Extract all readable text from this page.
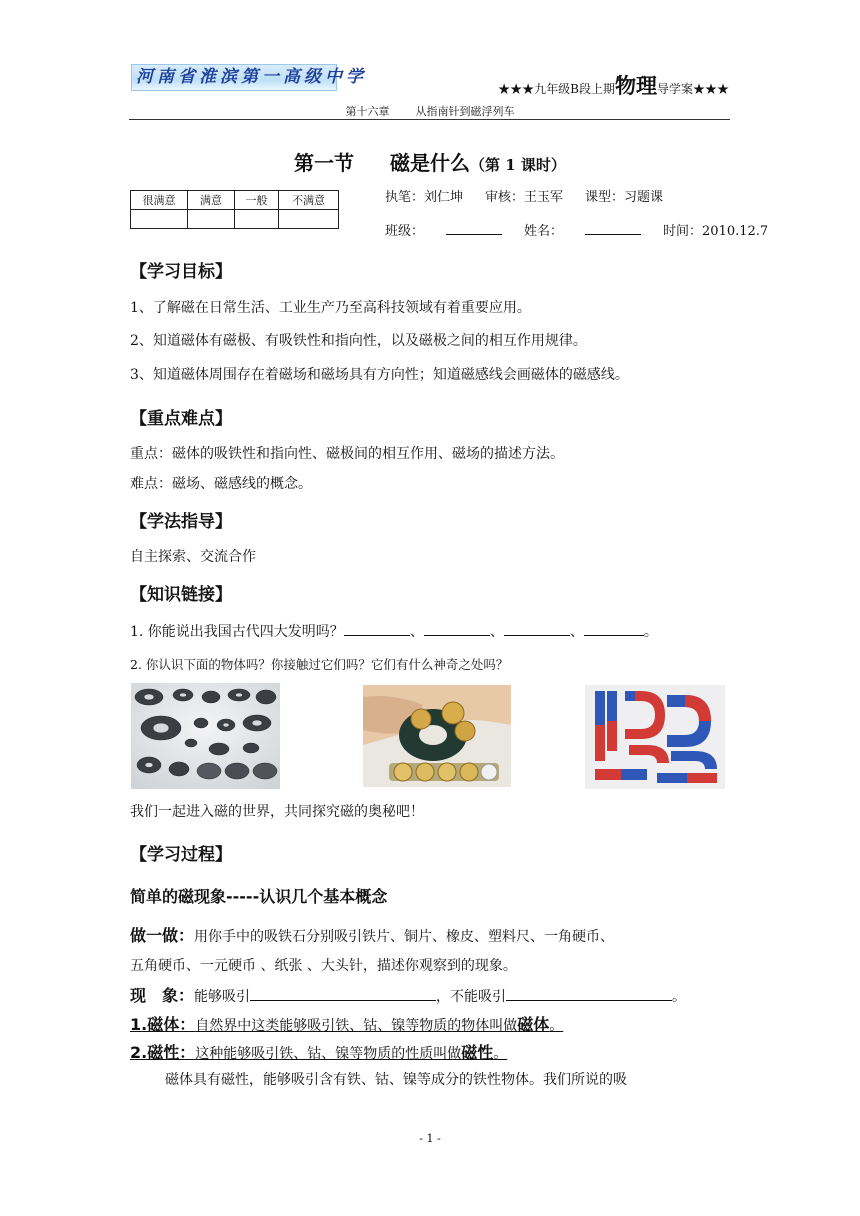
河南省淮滨第一高级中学
★★★九年级B段上期物理导学案★★★
第十六章 从指南针到磁浮列车
第一节 磁是什么（第 1 课时）
很满意	满意	一般	不满意
				执笔：刘仁坤 审核：王玉军 课型：习题课
班级：	姓名：	时间：2010.12.7
【学习目标】
1、了解磁在日常生活、工业生产乃至高科技领域有着重要应用。
2、知道磁体有磁极、有吸铁性和指向性，以及磁极之间的相互作用规律。
3、知道磁体周围存在着磁场和磁场具有方向性；知道磁感线会画磁体的磁感线。
【重点难点】
重点：磁体的吸铁性和指向性、磁极间的相互作用、磁场的描述方法。
难点：磁场、磁感线的概念。
【学法指导】
自主探索、交流合作
【知识链接】
1. 你能说出我国古代四大发明吗？	、	、	、	。
2. 你认识下面的物体吗？你接触过它们吗？它们有什么神奇之处吗？
我们一起进入磁的世界，共同探究磁的奥秘吧！
【学习过程】
简单的磁现象-----认识几个基本概念
做一做：用你手中的吸铁石分别吸引铁片、铜片、橡皮、塑料尺、一角硬币、
五角硬币、一元硬币 、纸张 、大头针，描述你观察到的现象。
现　象：能够吸引	，不能吸引	。
1.磁体：自然界中这类能够吸引铁、钴、镍等物质的物体叫做磁体。
2.磁性：这种能够吸引铁、钴、镍等物质的性质叫做磁性。
磁体具有磁性，能够吸引含有铁、钴、镍等成分的铁性物体。我们所说的吸
- 1 -
